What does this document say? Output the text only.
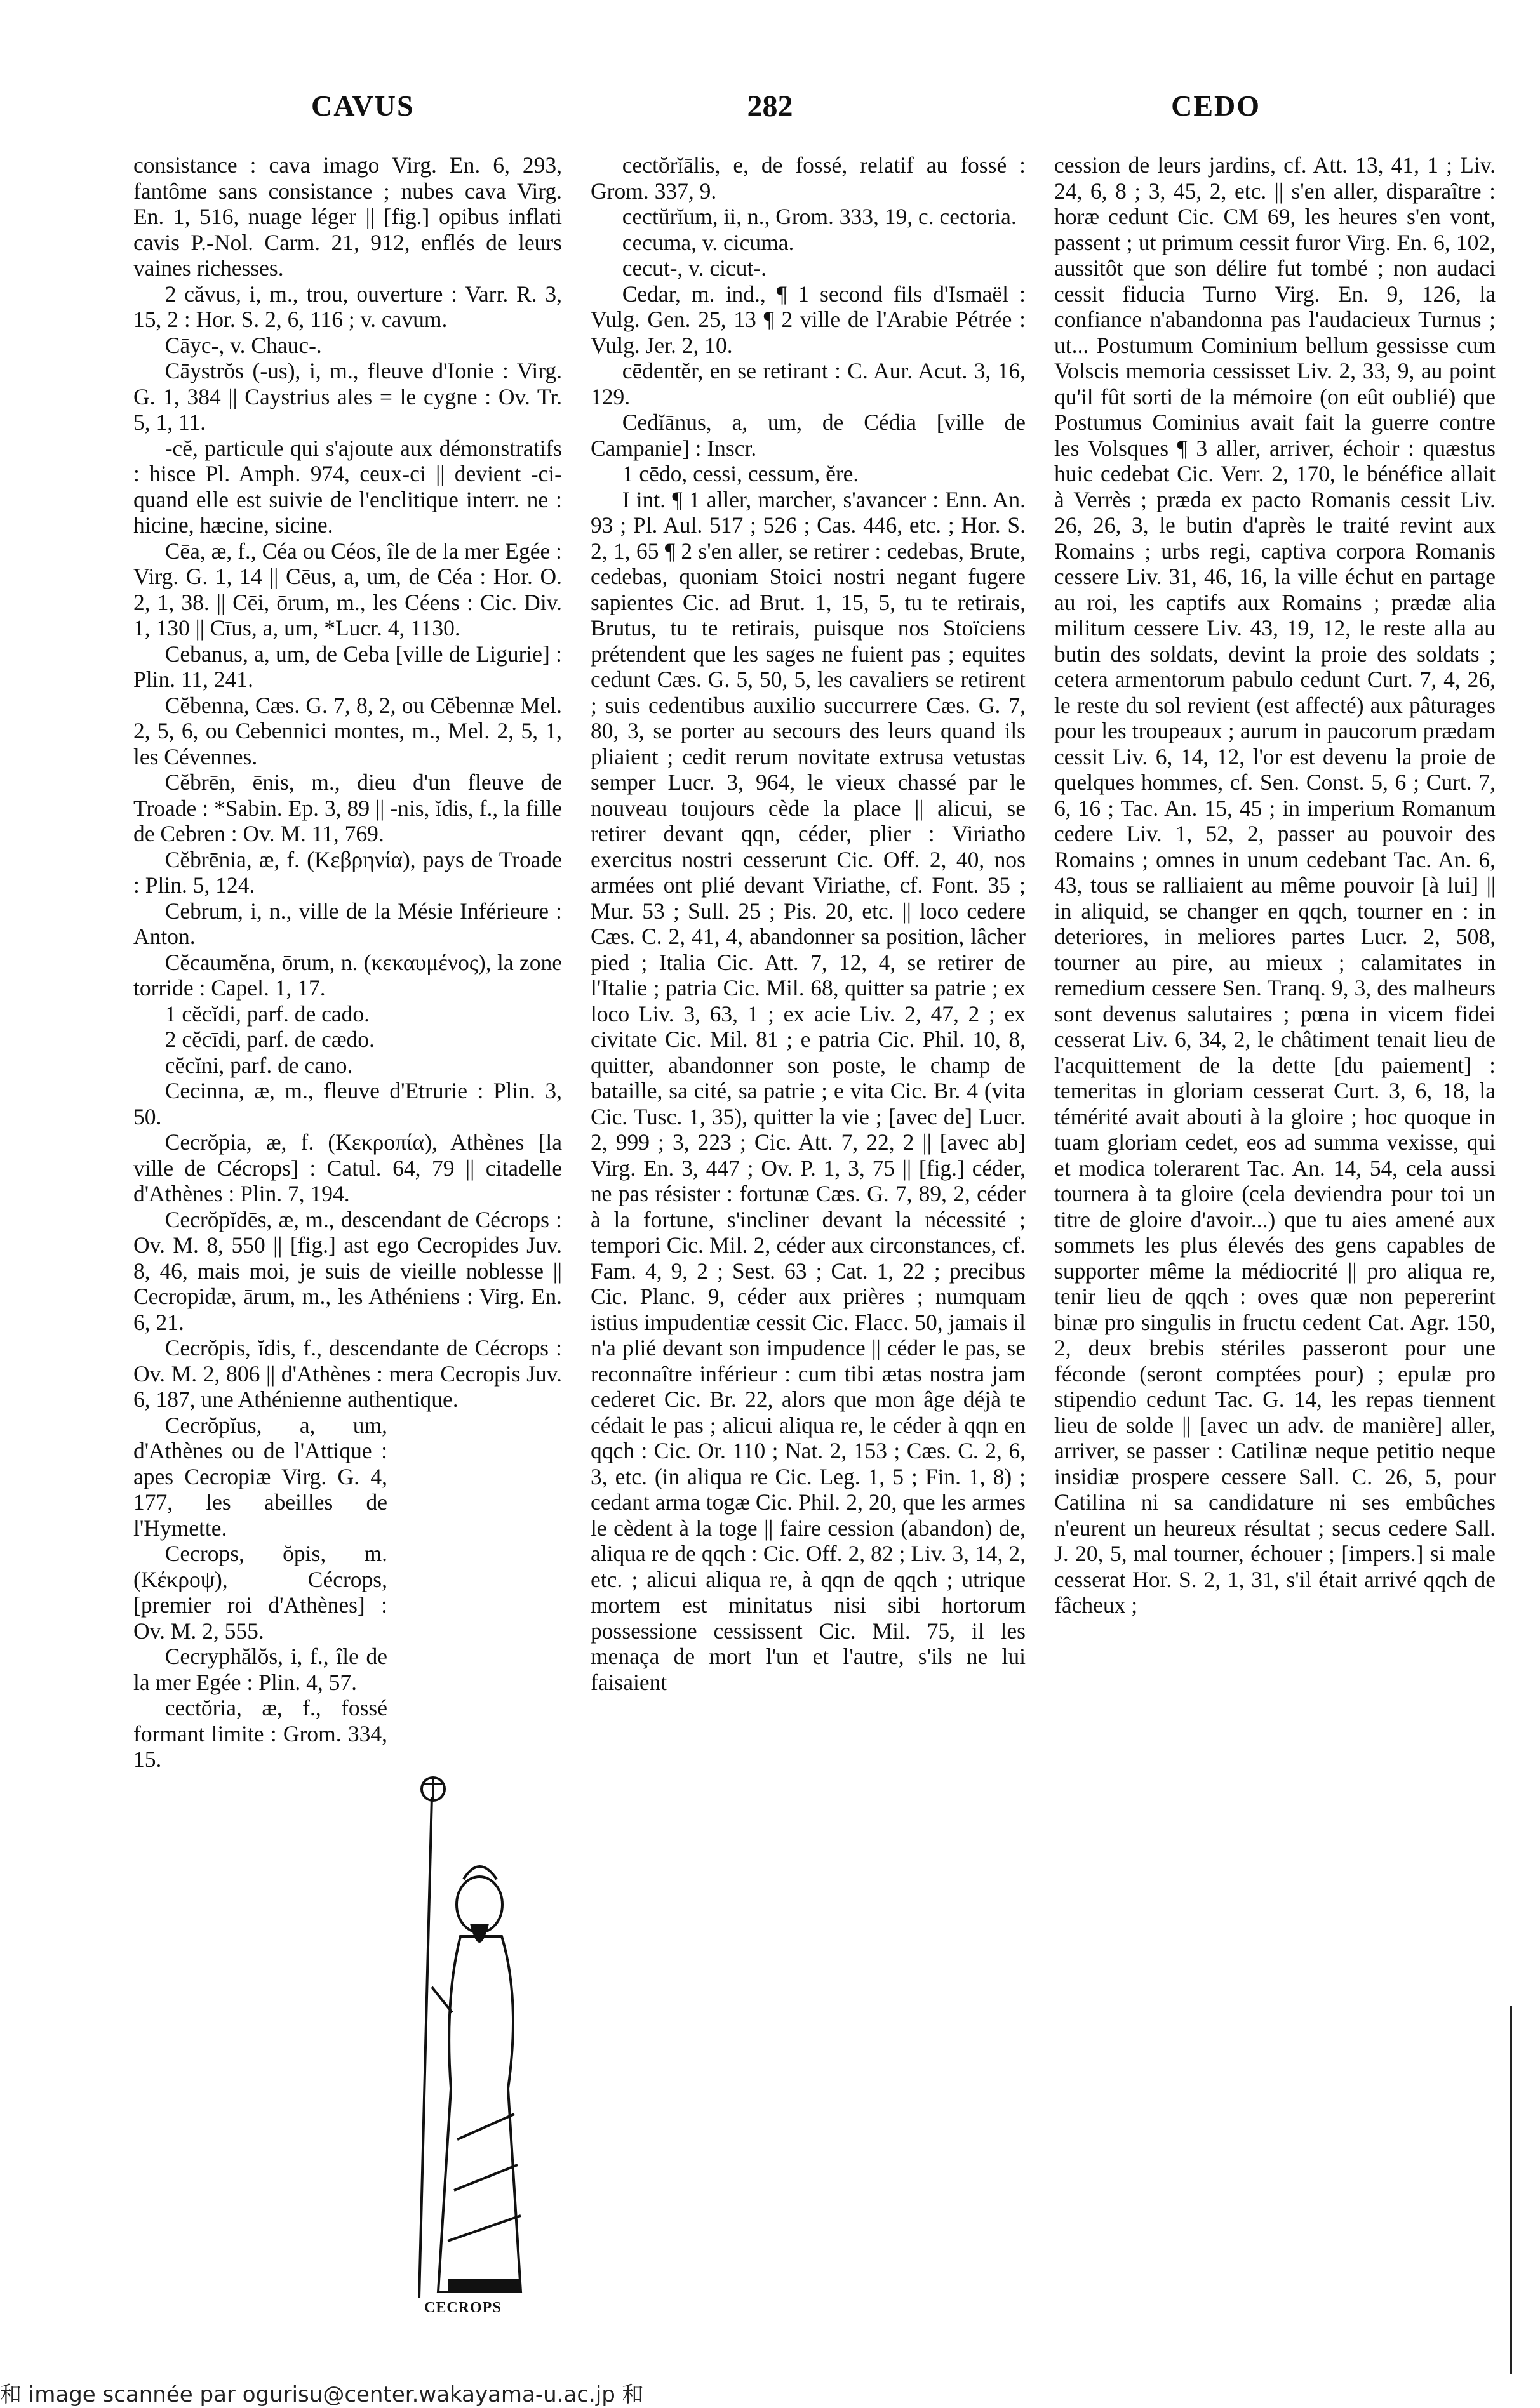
CAVUS	282	CEDO

consistance : cava imago Virg. En. 6, 293, fantôme sans consistance ; nubes cava Virg. En. 1, 516, nuage léger || [fig.] opibus inflati cavis P.-Nol. Carm. 21, 912, enflés de leurs vaines richesses.

2 căvus, i, m., trou, ouverture : Varr. R. 3, 15, 2 : Hor. S. 2, 6, 116 ; v. cavum.

Cāyc-, v. Chauc-.

Cāystrŏs (-us), i, m., fleuve d'Ionie : Virg. G. 1, 384 || Caystrius ales = le cygne : Ov. Tr. 5, 1, 11.

-cĕ, particule qui s'ajoute aux démonstratifs : hisce Pl. Amph. 974, ceux-ci || devient -ci- quand elle est suivie de l'enclitique interr. ne : hicine, hæcine, sicine.

Cēa, æ, f., Céa ou Céos, île de la mer Egée : Virg. G. 1, 14 || Cēus, a, um, de Céa : Hor. O. 2, 1, 38. || Cēi, ōrum, m., les Céens : Cic. Div. 1, 130 || Cīus, a, um, *Lucr. 4, 1130.

Cebanus, a, um, de Ceba [ville de Ligurie] : Plin. 11, 241.

Cĕbenna, Cæs. G. 7, 8, 2, ou Cĕbennæ Mel. 2, 5, 6, ou Cebennici montes, m., Mel. 2, 5, 1, les Cévennes.

Cĕbrēn, ēnis, m., dieu d'un fleuve de Troade : *Sabin. Ep. 3, 89 || -nis, ĭdis, f., la fille de Cebren : Ov. M. 11, 769.

Cĕbrēnia, æ, f. (Κεβρηνία), pays de Troade : Plin. 5, 124.

Cebrum, i, n., ville de la Mésie Inférieure : Anton.

Cĕcaumĕna, ōrum, n. (κεκαυμένος), la zone torride : Capel. 1, 17.

1 cĕcĭdi, parf. de cado.

2 cĕcīdi, parf. de cædo.

cĕcĭni, parf. de cano.

Cecinna, æ, m., fleuve d'Etrurie : Plin. 3, 50.

Cecrŏpia, æ, f. (Κεκροπία), Athènes [la ville de Cécrops] : Catul. 64, 79 || citadelle d'Athènes : Plin. 7, 194.

Cecrŏpĭdēs, æ, m., descendant de Cécrops : Ov. M. 8, 550 || [fig.] ast ego Cecropides Juv. 8, 46, mais moi, je suis de vieille noblesse || Cecropidæ, ārum, m., les Athéniens : Virg. En. 6, 21.

Cecrŏpis, ĭdis, f., descendante de Cécrops : Ov. M. 2, 806 || d'Athènes : mera Cecropis Juv. 6, 187, une Athénienne authentique.

Cecrŏpĭus, a, um, d'Athènes ou de l'Attique : apes Cecropiæ Virg. G. 4, 177, les abeilles de l'Hymette.

Cecrops, ŏpis, m. (Κέκροψ), Cécrops, [premier roi d'Athènes] : Ov. M. 2, 555.

Cecryphălŏs, i, f., île de la mer Egée : Plin. 4, 57.

cectŏria, æ, f., fossé formant limite : Grom. 334, 15.

CECROPS

cectŏrĭālis, e, de fossé, relatif au fossé : Grom. 337, 9.

cectŭrĭum, ii, n., Grom. 333, 19, c. cectoria.

cecuma, v. cicuma.

cecut-, v. cicut-.

Cedar, m. ind., ¶ 1 second fils d'Ismaël : Vulg. Gen. 25, 13 ¶ 2 ville de l'Arabie Pétrée : Vulg. Jer. 2, 10.

cēdentĕr, en se retirant : C. Aur. Acut. 3, 16, 129.

Cedĭānus, a, um, de Cédia [ville de Campanie] : Inscr.

1 cēdo, cessi, cessum, ĕre.

I int. ¶ 1 aller, marcher, s'avancer : Enn. An. 93 ; Pl. Aul. 517 ; 526 ; Cas. 446, etc. ; Hor. S. 2, 1, 65 ¶ 2 s'en aller, se retirer : cedebas, Brute, cedebas, quoniam Stoici nostri negant fugere sapientes Cic. ad Brut. 1, 15, 5, tu te retirais, Brutus, tu te retirais, puisque nos Stoïciens prétendent que les sages ne fuient pas ; equites cedunt Cæs. G. 5, 50, 5, les cavaliers se retirent ; suis cedentibus auxilio succurrere Cæs. G. 7, 80, 3, se porter au secours des leurs quand ils pliaient ; cedit rerum novitate extrusa vetustas semper Lucr. 3, 964, le vieux chassé par le nouveau toujours cède la place || alicui, se retirer devant qqn, céder, plier : Viriatho exercitus nostri cesserunt Cic. Off. 2, 40, nos armées ont plié devant Viriathe, cf. Font. 35 ; Mur. 53 ; Sull. 25 ; Pis. 20, etc. || loco cedere Cæs. C. 2, 41, 4, abandonner sa position, lâcher pied ; Italia Cic. Att. 7, 12, 4, se retirer de l'Italie ; patria Cic. Mil. 68, quitter sa patrie ; ex loco Liv. 3, 63, 1 ; ex acie Liv. 2, 47, 2 ; ex civitate Cic. Mil. 81 ; e patria Cic. Phil. 10, 8, quitter, abandonner son poste, le champ de bataille, sa cité, sa patrie ; e vita Cic. Br. 4 (vita Cic. Tusc. 1, 35), quitter la vie ; [avec de] Lucr. 2, 999 ; 3, 223 ; Cic. Att. 7, 22, 2 || [avec ab] Virg. En. 3, 447 ; Ov. P. 1, 3, 75 || [fig.] céder, ne pas résister : fortunæ Cæs. G. 7, 89, 2, céder à la fortune, s'incliner devant la nécessité ; tempori Cic. Mil. 2, céder aux circonstances, cf. Fam. 4, 9, 2 ; Sest. 63 ; Cat. 1, 22 ; precibus Cic. Planc. 9, céder aux prières ; numquam istius impudentiæ cessit Cic. Flacc. 50, jamais il n'a plié devant son impudence || céder le pas, se reconnaître inférieur : cum tibi ætas nostra jam cederet Cic. Br. 22, alors que mon âge déjà te cédait le pas ; alicui aliqua re, le céder à qqn en qqch : Cic. Or. 110 ; Nat. 2, 153 ; Cæs. C. 2, 6, 3, etc. (in aliqua re Cic. Leg. 1, 5 ; Fin. 1, 8) ; cedant arma togæ Cic. Phil. 2, 20, que les armes le cèdent à la toge || faire cession (abandon) de, aliqua re de qqch : Cic. Off. 2, 82 ; Liv. 3, 14, 2, etc. ; alicui aliqua re, à qqn de qqch ; utrique mortem est minitatus nisi sibi hortorum possessione cessissent Cic. Mil. 75, il les menaça de mort l'un et l'autre, s'ils ne lui faisaient

cession de leurs jardins, cf. Att. 13, 41, 1 ; Liv. 24, 6, 8 ; 3, 45, 2, etc. || s'en aller, disparaître : horæ cedunt Cic. CM 69, les heures s'en vont, passent ; ut primum cessit furor Virg. En. 6, 102, aussitôt que son délire fut tombé ; non audaci cessit fiducia Turno Virg. En. 9, 126, la confiance n'abandonna pas l'audacieux Turnus ; ut... Postumum Cominium bellum gessisse cum Volscis memoria cessisset Liv. 2, 33, 9, au point qu'il fût sorti de la mémoire (on eût oublié) que Postumus Cominius avait fait la guerre contre les Volsques ¶ 3 aller, arriver, échoir : quæstus huic cedebat Cic. Verr. 2, 170, le bénéfice allait à Verrès ; præda ex pacto Romanis cessit Liv. 26, 26, 3, le butin d'après le traité revint aux Romains ; urbs regi, captiva corpora Romanis cessere Liv. 31, 46, 16, la ville échut en partage au roi, les captifs aux Romains ; prædæ alia militum cessere Liv. 43, 19, 12, le reste alla au butin des soldats, devint la proie des soldats ; cetera armentorum pabulo cedunt Curt. 7, 4, 26, le reste du sol revient (est affecté) aux pâturages pour les troupeaux ; aurum in paucorum prædam cessit Liv. 6, 14, 12, l'or est devenu la proie de quelques hommes, cf. Sen. Const. 5, 6 ; Curt. 7, 6, 16 ; Tac. An. 15, 45 ; in imperium Romanum cedere Liv. 1, 52, 2, passer au pouvoir des Romains ; omnes in unum cedebant Tac. An. 6, 43, tous se ralliaient au même pouvoir [à lui] || in aliquid, se changer en qqch, tourner en : in deteriores, in meliores partes Lucr. 2, 508, tourner au pire, au mieux ; calamitates in remedium cessere Sen. Tranq. 9, 3, des malheurs sont devenus salutaires ; pœna in vicem fidei cesserat Liv. 6, 34, 2, le châtiment tenait lieu de l'acquittement de la dette [du paiement] : temeritas in gloriam cesserat Curt. 3, 6, 18, la témérité avait abouti à la gloire ; hoc quoque in tuam gloriam cedet, eos ad summa vexisse, qui et modica tolerarent Tac. An. 14, 54, cela aussi tournera à ta gloire (cela deviendra pour toi un titre de gloire d'avoir...) que tu aies amené aux sommets les plus élevés des gens capables de supporter même la médiocrité || pro aliqua re, tenir lieu de qqch : oves quæ non pepererint binæ pro singulis in fructu cedent Cat. Agr. 150, 2, deux brebis stériles passeront pour une féconde (seront comptées pour) ; epulæ pro stipendio cedunt Tac. G. 14, les repas tiennent lieu de solde || [avec un adv. de manière] aller, arriver, se passer : Catilinæ neque petitio neque insidiæ prospere cessere Sall. C. 26, 5, pour Catilina ni sa candidature ni ses embûches n'eurent un heureux résultat ; secus cedere Sall. J. 20, 5, mal tourner, échouer ; [impers.] si male cesserat Hor. S. 2, 1, 31, s'il était arrivé qqch de fâcheux ;

和 image scannée par ogurisu@center.wakayama-u.ac.jp 和
